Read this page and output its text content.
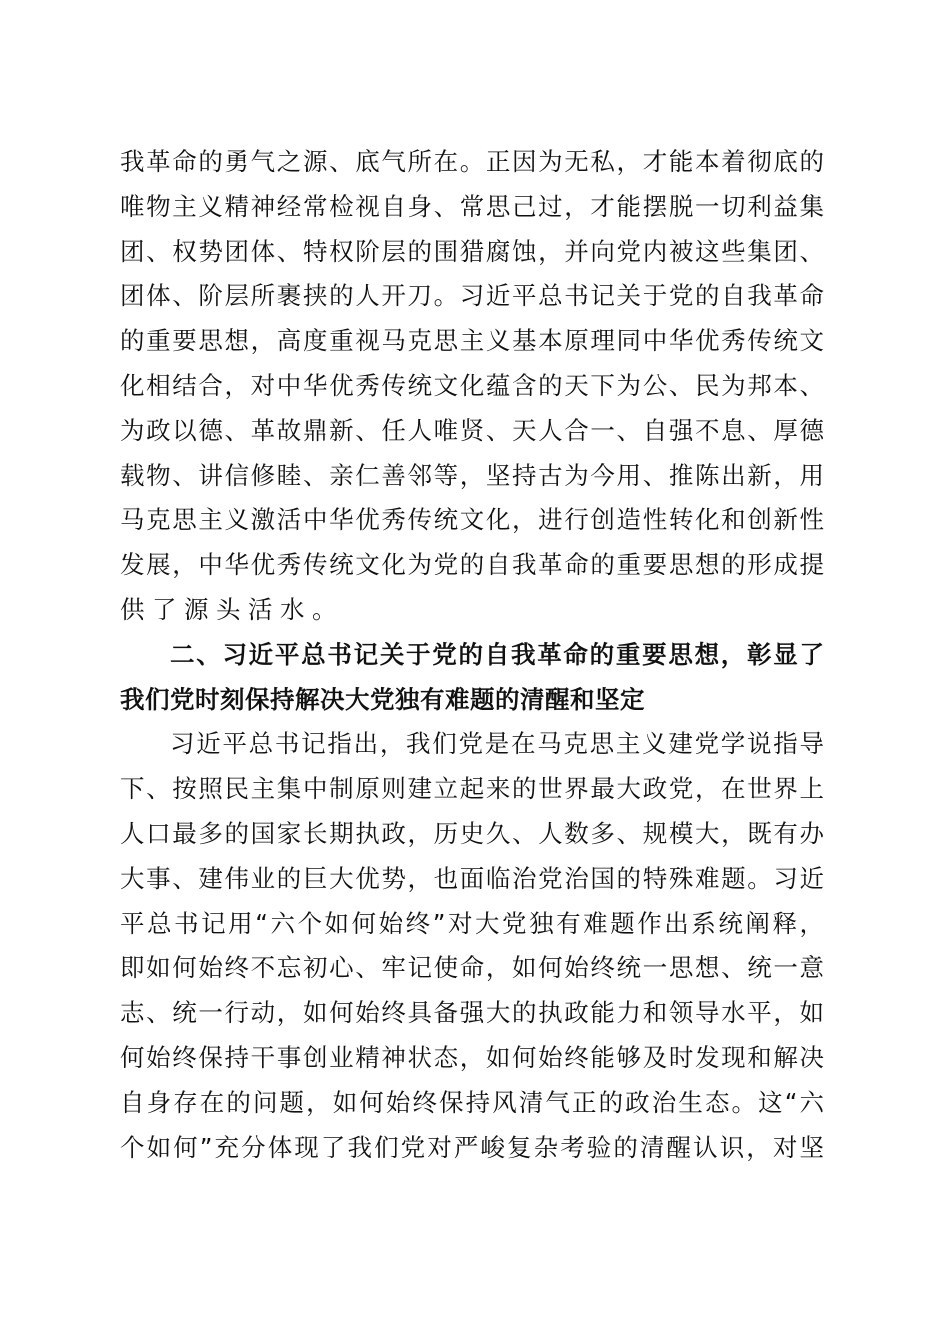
我革命的勇气之源、底气所在。正因为无私，才能本着彻底的
唯物主义精神经常检视自身、常思己过，才能摆脱一切利益集
团、权势团体、特权阶层的围猎腐蚀，并向党内被这些集团、
团体、阶层所裹挟的人开刀。习近平总书记关于党的自我革命
的重要思想，高度重视马克思主义基本原理同中华优秀传统文
化相结合，对中华优秀传统文化蕴含的天下为公、民为邦本、
为政以德、革故鼎新、任人唯贤、天人合一、自强不息、厚德
载物、讲信修睦、亲仁善邻等，坚持古为今用、推陈出新，用
马克思主义激活中华优秀传统文化，进行创造性转化和创新性
发展，中华优秀传统文化为党的自我革命的重要思想的形成提
供了源头活水。
二、习近平总书记关于党的自我革命的重要思想，彰显了
我们党时刻保持解决大党独有难题的清醒和坚定
习近平总书记指出，我们党是在马克思主义建党学说指导
下、按照民主集中制原则建立起来的世界最大政党，在世界上
人口最多的国家长期执政，历史久、人数多、规模大，既有办
大事、建伟业的巨大优势，也面临治党治国的特殊难题。习近
平总书记用“六个如何始终”对大党独有难题作出系统阐释，
即如何始终不忘初心、牢记使命，如何始终统一思想、统一意
志、统一行动，如何始终具备强大的执政能力和领导水平，如
何始终保持干事创业精神状态，如何始终能够及时发现和解决
自身存在的问题，如何始终保持风清气正的政治生态。这“六
个如何”充分体现了我们党对严峻复杂考验的清醒认识，对坚
